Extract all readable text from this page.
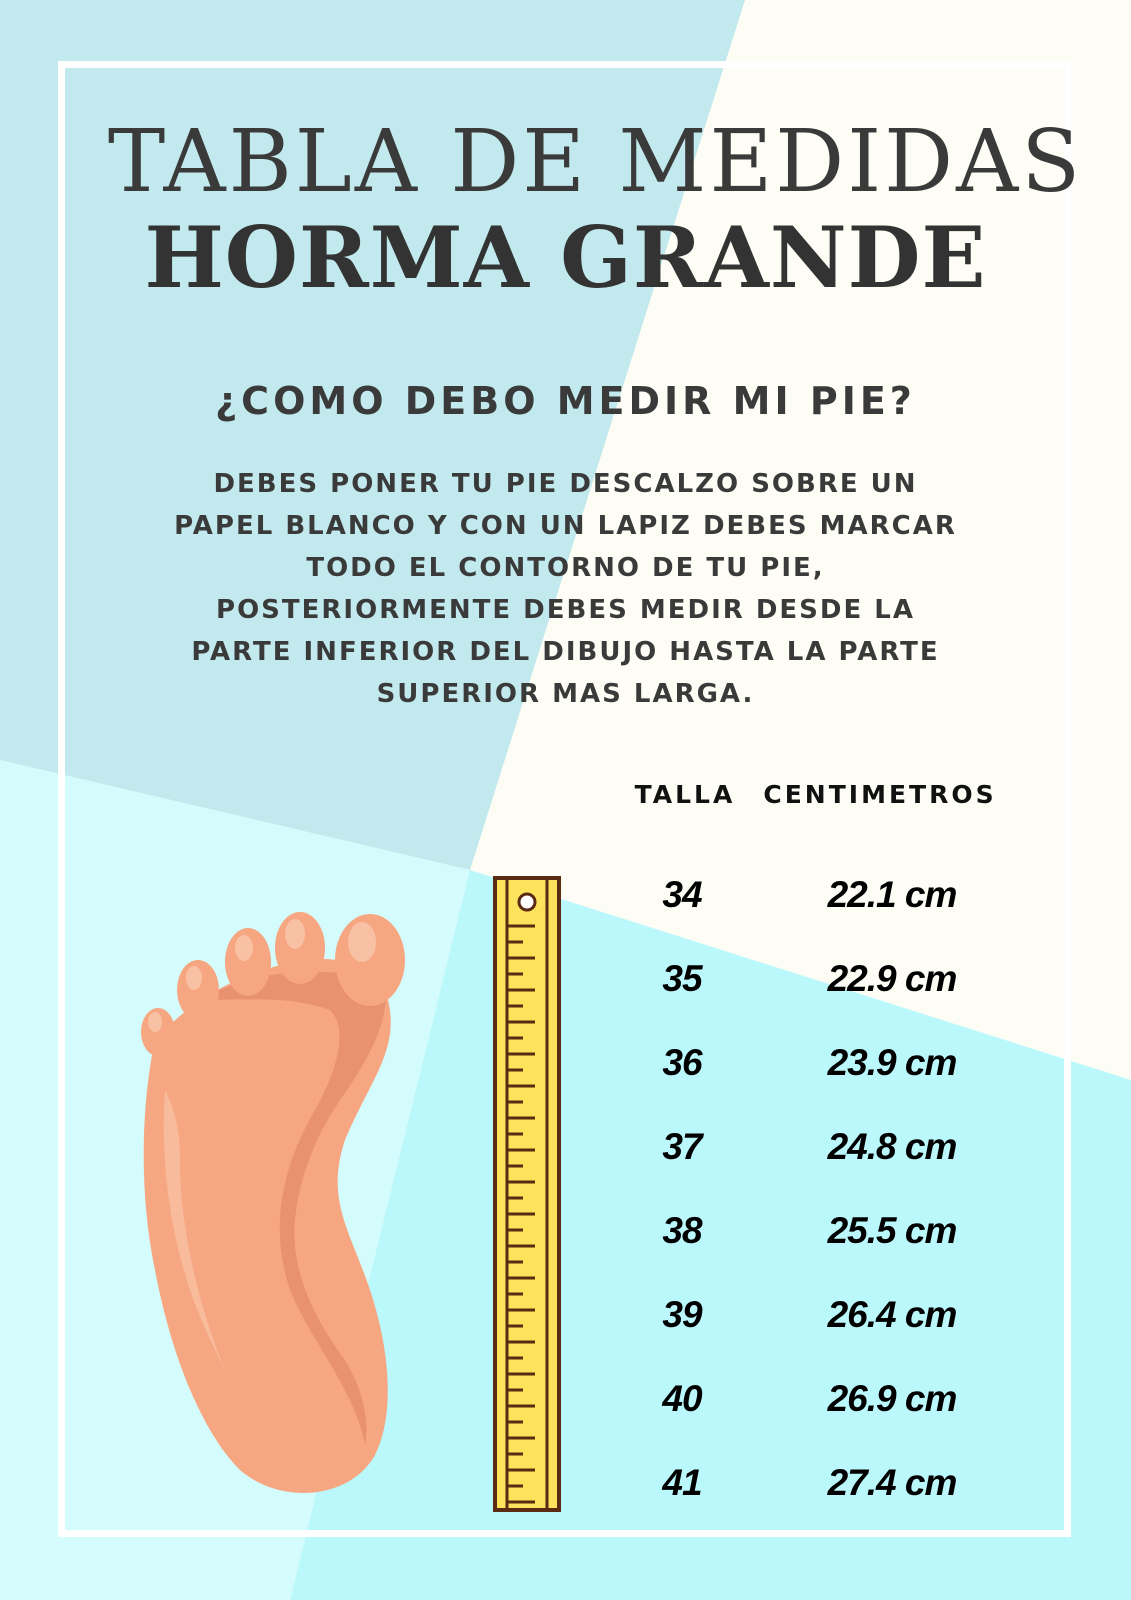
TABLA DE MEDIDAS
HORMA GRANDE
¿COMO DEBO MEDIR MI PIE?

DEBES PONER TU PIE DESCALZO SOBRE UN
PAPEL BLANCO Y CON UN LAPIZ DEBES MARCAR
TODO EL CONTORNO DE TU PIE,
POSTERIORMENTE DEBES MEDIR DESDE LA
PARTE INFERIOR DEL DIBUJO HASTA LA PARTE
SUPERIOR MAS LARGA.

TALLA	CENTIMETROS
34	22.1 cm
35	22.9 cm
36	23.9 cm
37	24.8 cm
38	25.5 cm
39	26.4 cm
40	26.9 cm
41	27.4 cm
